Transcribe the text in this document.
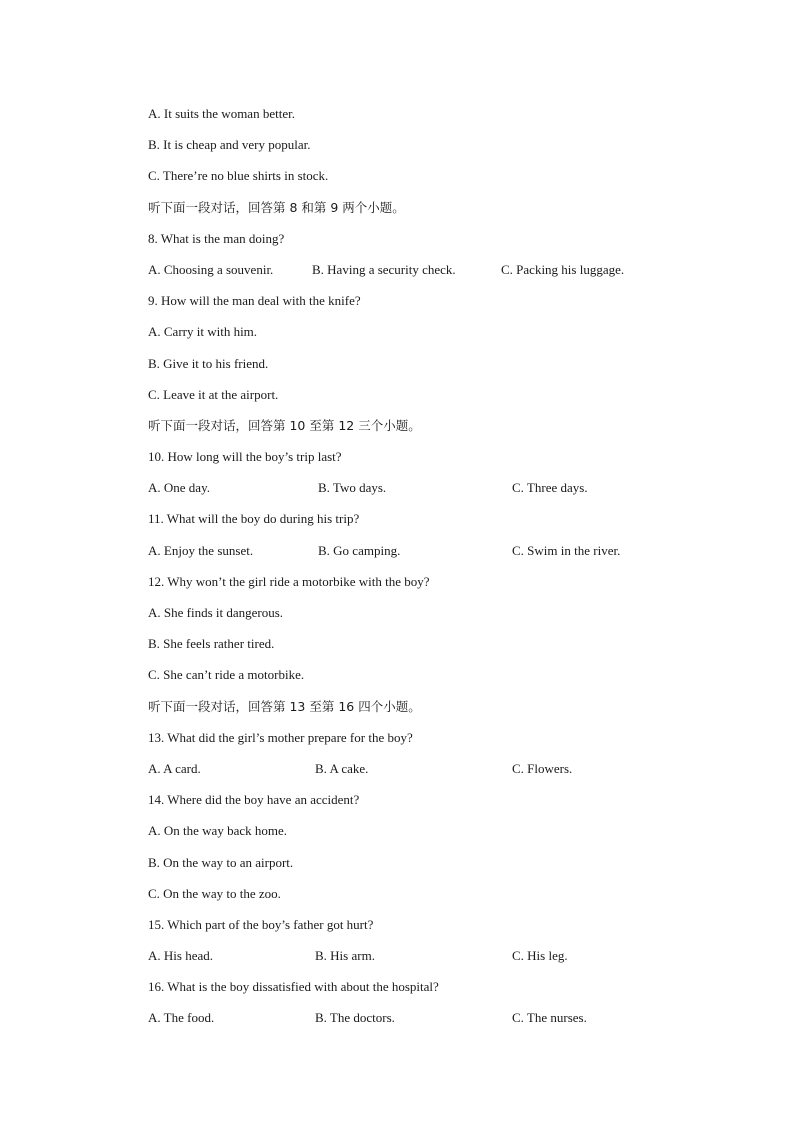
A. It suits the woman better.
B. It is cheap and very popular.
C. There’re no blue shirts in stock.
听下面一段对话，回答第 8 和第 9 两个小题。
8. What is the man doing?
A. Choosing a souvenir.	B. Having a security check.	C. Packing his luggage.
9. How will the man deal with the knife?
A. Carry it with him.
B. Give it to his friend.
C. Leave it at the airport.
听下面一段对话，回答第 10 至第 12 三个小题。
10. How long will the boy’s trip last?
A. One day.	B. Two days.	C. Three days.
11. What will the boy do during his trip?
A. Enjoy the sunset.	B. Go camping.	C. Swim in the river.
12. Why won’t the girl ride a motorbike with the boy?
A. She finds it dangerous.
B. She feels rather tired.
C. She can’t ride a motorbike.
听下面一段对话，回答第 13 至第 16 四个小题。
13. What did the girl’s mother prepare for the boy?
A. A card.	B. A cake.	C. Flowers.
14. Where did the boy have an accident?
A. On the way back home.
B. On the way to an airport.
C. On the way to the zoo.
15. Which part of the boy’s father got hurt?
A. His head.	B. His arm.	C. His leg.
16. What is the boy dissatisfied with about the hospital?
A. The food.	B. The doctors.	C. The nurses.
